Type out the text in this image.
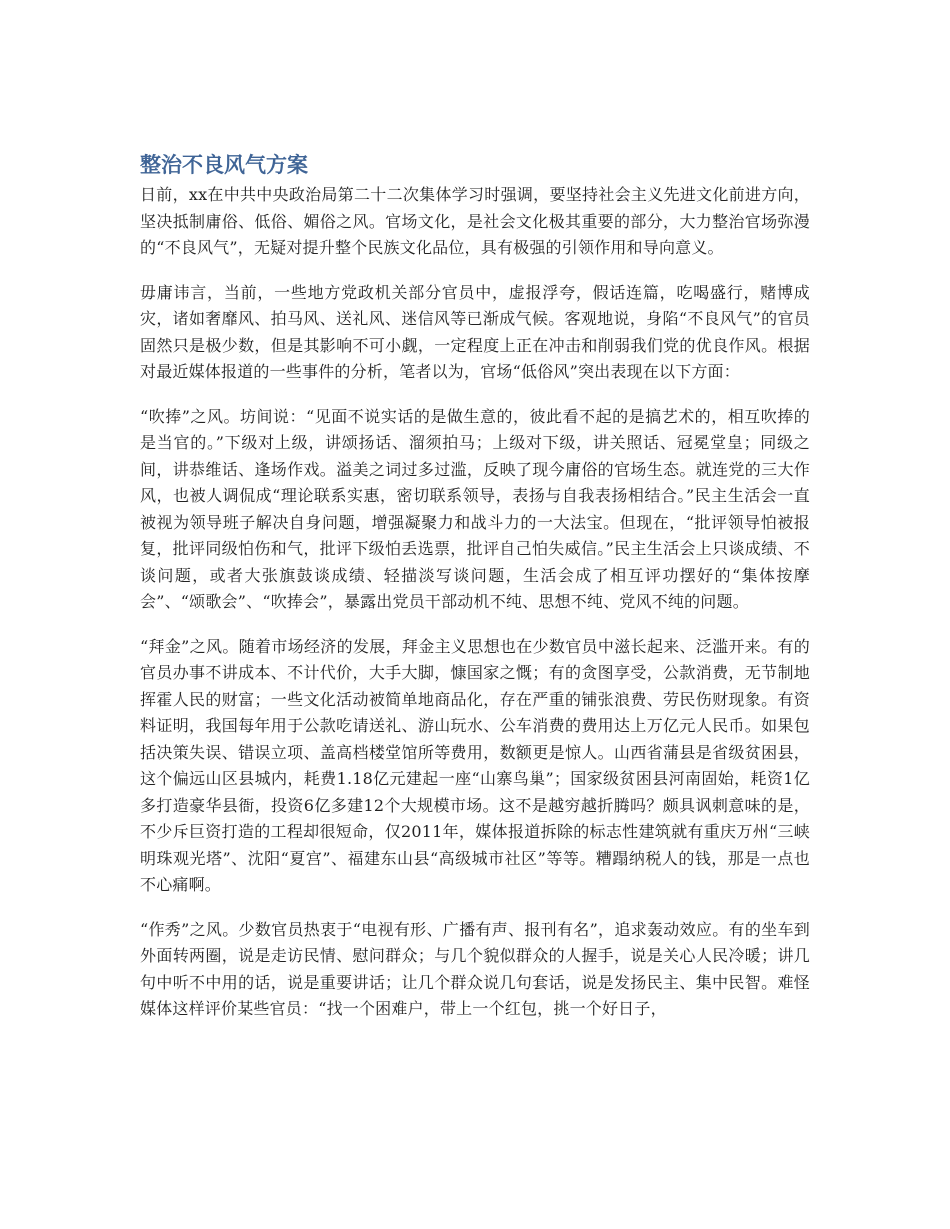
整治不良风气方案

日前，xx在中共中央政治局第二十二次集体学习时强调，要坚持社会主义先进文化前进方向，坚决抵制庸俗、低俗、媚俗之风。官场文化，是社会文化极其重要的部分，大力整治官场弥漫的“不良风气”，无疑对提升整个民族文化品位，具有极强的引领作用和导向意义。

毋庸讳言，当前，一些地方党政机关部分官员中，虚报浮夸，假话连篇，吃喝盛行，赌博成灾，诸如奢靡风、拍马风、送礼风、迷信风等已渐成气候。客观地说，身陷“不良风气”的官员固然只是极少数，但是其影响不可小觑，一定程度上正在冲击和削弱我们党的优良作风。根据对最近媒体报道的一些事件的分析，笔者以为，官场“低俗风”突出表现在以下方面：

“吹捧”之风。坊间说：“见面不说实话的是做生意的，彼此看不起的是搞艺术的，相互吹捧的是当官的。”下级对上级，讲颂扬话、溜须拍马；上级对下级，讲关照话、冠冕堂皇；同级之间，讲恭维话、逢场作戏。溢美之词过多过滥，反映了现今庸俗的官场生态。就连党的三大作风，也被人调侃成“理论联系实惠，密切联系领导，表扬与自我表扬相结合。”民主生活会一直被视为领导班子解决自身问题，增强凝聚力和战斗力的一大法宝。但现在，“批评领导怕被报复，批评同级怕伤和气，批评下级怕丢选票，批评自己怕失威信。”民主生活会上只谈成绩、不谈问题，或者大张旗鼓谈成绩、轻描淡写谈问题，生活会成了相互评功摆好的“集体按摩会”、“颂歌会”、“吹捧会”，暴露出党员干部动机不纯、思想不纯、党风不纯的问题。

“拜金”之风。随着市场经济的发展，拜金主义思想也在少数官员中滋长起来、泛滥开来。有的官员办事不讲成本、不计代价，大手大脚，慷国家之慨；有的贪图享受，公款消费，无节制地挥霍人民的财富；一些文化活动被简单地商品化，存在严重的铺张浪费、劳民伤财现象。有资料证明，我国每年用于公款吃请送礼、游山玩水、公车消费的费用达上万亿元人民币。如果包括决策失误、错误立项、盖高档楼堂馆所等费用，数额更是惊人。山西省蒲县是省级贫困县，这个偏远山区县城内，耗费1.18亿元建起一座“山寨鸟巢”；国家级贫困县河南固始，耗资1亿多打造豪华县衙，投资6亿多建12个大规模市场。这不是越穷越折腾吗？颇具讽刺意味的是，不少斥巨资打造的工程却很短命，仅2011年，媒体报道拆除的标志性建筑就有重庆万州“三峡明珠观光塔”、沈阳“夏宫”、福建东山县“高级城市社区”等等。糟蹋纳税人的钱，那是一点也不心痛啊。

“作秀”之风。少数官员热衷于“电视有形、广播有声、报刊有名”，追求轰动效应。有的坐车到外面转两圈，说是走访民情、慰问群众；与几个貌似群众的人握手，说是关心人民冷暖；讲几句中听不中用的话，说是重要讲话；让几个群众说几句套话，说是发扬民主、集中民智。难怪媒体这样评价某些官员：“找一个困难户，带上一个红包，挑一个好日子，
